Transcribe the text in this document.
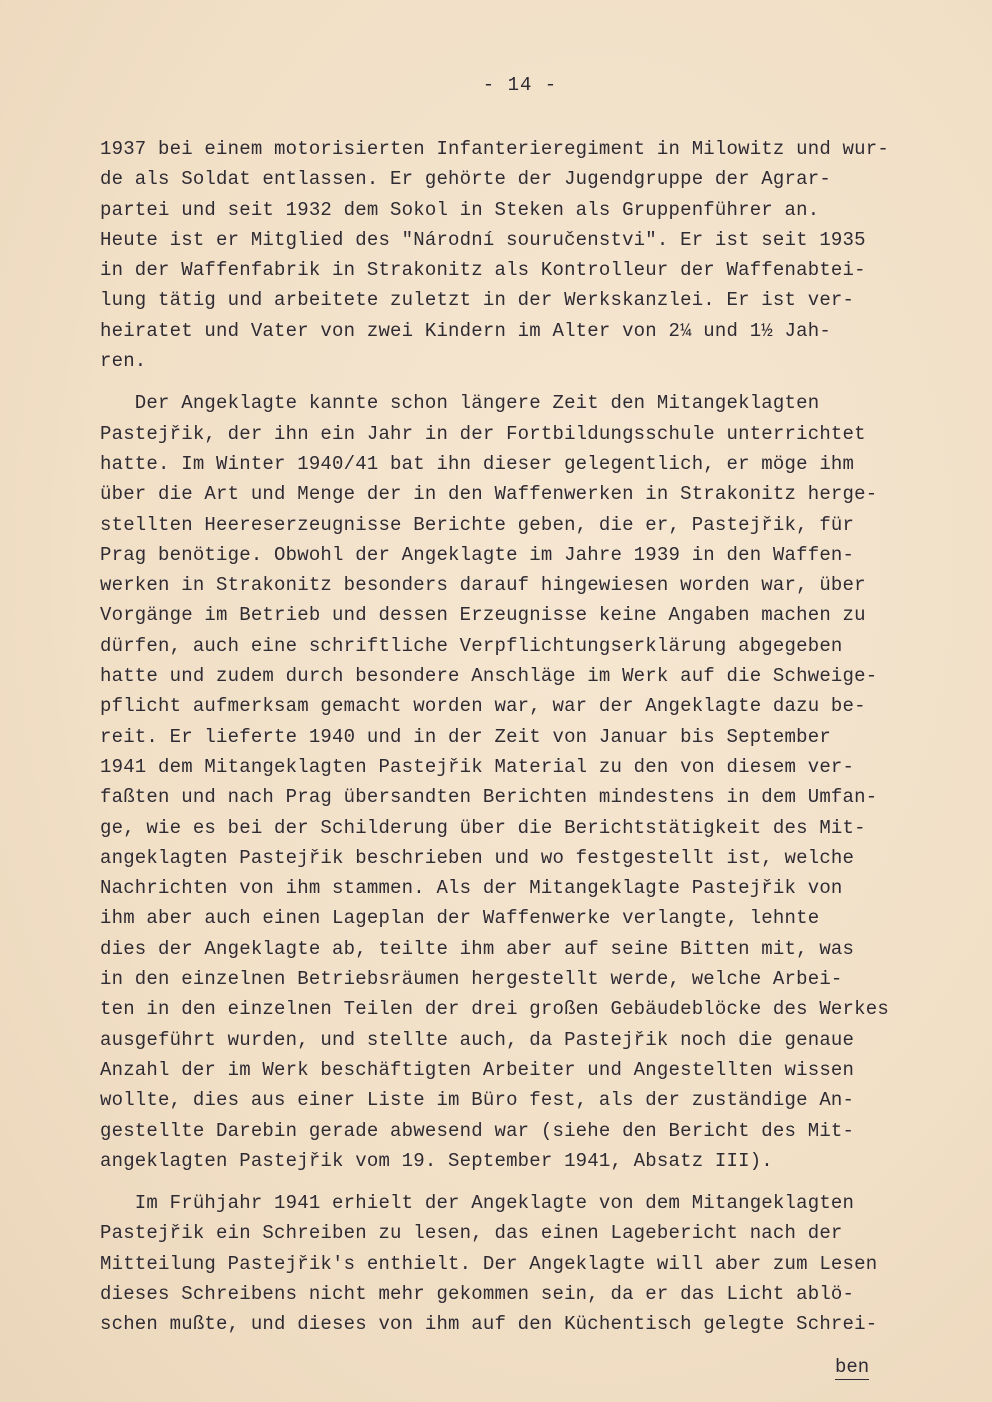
- 14 -
1937 bei einem motorisierten Infanterieregiment in Milowitz und wur-
de als Soldat entlassen. Er gehörte der Jugendgruppe der Agrar-
partei und seit 1932 dem Sokol in Steken als Gruppenführer an.
Heute ist er Mitglied des "Národní souručenstvi". Er ist seit 1935
in der Waffenfabrik in Strakonitz als Kontrolleur der Waffenabtei-
lung tätig und arbeitete zuletzt in der Werkskanzlei. Er ist ver-
heiratet und Vater von zwei Kindern im Alter von 2¼ und 1½ Jah-
ren.
Der Angeklagte kannte schon längere Zeit den Mitangeklagten
Pastejřik, der ihn ein Jahr in der Fortbildungsschule unterrichtet
hatte. Im Winter 1940/41 bat ihn dieser gelegentlich, er möge ihm
über die Art und Menge der in den Waffenwerken in Strakonitz herge-
stellten Heereserzeugnisse Berichte geben, die er, Pastejřik, für
Prag benötige. Obwohl der Angeklagte im Jahre 1939 in den Waffen-
werken in Strakonitz besonders darauf hingewiesen worden war, über
Vorgänge im Betrieb und dessen Erzeugnisse keine Angaben machen zu
dürfen, auch eine schriftliche Verpflichtungserklärung abgegeben
hatte und zudem durch besondere Anschläge im Werk auf die Schweige-
pflicht aufmerksam gemacht worden war, war der Angeklagte dazu be-
reit. Er lieferte 1940 und in der Zeit von Januar bis September
1941 dem Mitangeklagten Pastejřik Material zu den von diesem ver-
faßten und nach Prag übersandten Berichten mindestens in dem Umfan-
ge, wie es bei der Schilderung über die Berichtstätigkeit des Mit-
angeklagten Pastejřik beschrieben und wo festgestellt ist, welche
Nachrichten von ihm stammen. Als der Mitangeklagte Pastejřik von
ihm aber auch einen Lageplan der Waffenwerke verlangte, lehnte
dies der Angeklagte ab, teilte ihm aber auf seine Bitten mit, was
in den einzelnen Betriebsräumen hergestellt werde, welche Arbei-
ten in den einzelnen Teilen der drei großen Gebäudeblöcke des Werkes
ausgeführt wurden, und stellte auch, da Pastejřik noch die genaue
Anzahl der im Werk beschäftigten Arbeiter und Angestellten wissen
wollte, dies aus einer Liste im Büro fest, als der zuständige An-
gestellte Darebin gerade abwesend war (siehe den Bericht des Mit-
angeklagten Pastejřik vom 19. September 1941, Absatz III).
Im Frühjahr 1941 erhielt der Angeklagte von dem Mitangeklagten
Pastejřik ein Schreiben zu lesen, das einen Lagebericht nach der
Mitteilung Pastejřik's enthielt. Der Angeklagte will aber zum Lesen
dieses Schreibens nicht mehr gekommen sein, da er das Licht ablö-
schen mußte, und dieses von ihm auf den Küchentisch gelegte Schrei-
ben
